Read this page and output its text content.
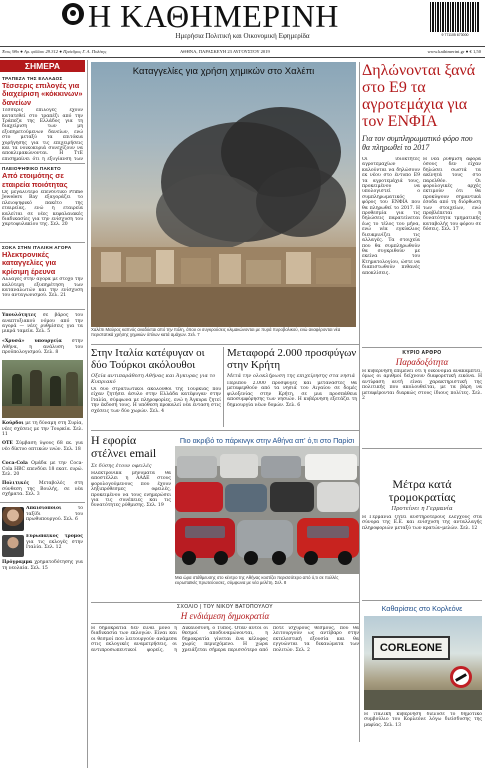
Η ΚΑΘΗΜΕΡΙΝΗ
Ημερήσια Πολιτική και Οικονομική Εφημερίδα	9 771105 673000
Έτος 98ο ● Αρ. φύλλου 29.312 ● Πρόεδρος Γ. Α. Πολίτης	ΑΘΗΝΑ, ΠΑΡΑΣΚΕΥΗ 23 ΑΥΓΟΥΣΤΟΥ 2019	www.kathimerini.gr ● € 1,50
ΣΗΜΕΡΑ
ΤΡΑΠΕΖΑ ΤΗΣ ΕΛΛΑΔΟΣ
Τέσσερις επιλογές για διαχείριση «κόκκινων» δανείων
Τέσσερις επιλογές έχουν κατατεθεί στο τραπέζι από την Τράπεζα της Ελλάδος για τη διαχείριση των μη εξυπηρετούμενων δανείων, ενώ στο μεταξύ τα επιτόκια χορήγησης για τις επιχειρήσεις και τα νοικοκυριά συνεχίζουν να αποκλιμακώνονται. Η ΤτΕ επισημαίνει ότι η εξυγίανση των
ΠΛΕΙΟΨΗΦΙΚΟ ΠΑΚΕΤΟ
Από ετοιμότης σε εταιρεία ποιότητας
Ως μεγαλύτερο επενδυτικό Prime Jewelers Bay εξαγοράζει το πλειοψηφικό πακέτο της εταιρείας, ενώ η εταιρεία καλείται σε νέες κεφαλαιακές διαδικασίες για την ενίσχυση του χαρτοφυλακίου της. Σελ. 20
ΣΟΚΑ ΣΤΗΝ ΙΤΑΛΙΚΗ ΑΓΟΡΑ
Ηλεκτρονικές καταγγελίες για κρίσιμη έρευνα
Αλλαγές στην αγορά με στόχο την καλύτερη εξυπηρέτηση των καταναλωτών και την ενίσχυση του ανταγωνισμού. Σελ. 21
Υπουλότητες σε βάρος του αναπτυξιακού νόμου από την αγορά — νέες ρυθμίσεις για τα μικρά ταμεία. Σελ. 5
«Χρυσά» υπουργεία στην Αθήνα, η ανάλυση του προϋπολογισμού. Σελ. 8
Κούρδοι με τη δύναμη στη Συρία, νέες σχέσεις με την Τουρκία. Σελ. 11
ΟΤΕ Σύμβαση ύψους 68 εκ. για νέο δίκτυο οπτικών ινών. Σελ. 18
Coca-Cola Ομάδα με την Coca-Cola HBC επενδύει 18 εκατ. ευρώ. Σελ. 20
Πολιτικές Μεταβολές στη σύνθεση της Βουλής, σε νέα σχήματα. Σελ. 3
Απαισιόποιοι	το ταξίδι του πρωθυπουργού. Σελ. 6
Ευρωπαϊκός τρόμος για τις εκλογές στην Ιταλία. Σελ. 12
Πρόγραμμα χρηματοδότησης για τη νεολαία. Σελ. 15
Καταγγελίες για χρήση χημικών στο Χαλέπι
Χαλέπι Μαύρος καπνός αναδύεται από την πόλη, όπου οι συγκρούσεις κλιμακώνονται με πυρά πυροβολικού, ενώ αναφέρονται νέα περιστατικά χρήσης χημικών όπλων κατά αμάχων. Σελ. 7
Δηλώνονται ξανά στο Ε9 τα αγροτεμάχια για τον ΕΝΦΙΑ
Για τον συμπληρωματικό φόρο που θα πληρωθεί το 2017
Οι ιδιοκτήτες αγροτεμαχίων καλούνται να δηλώσουν εκ νέου στο έντυπο Ε9 τα αγροτεμάχιά τους, προκειμένου να υπολογιστεί ο συμπληρωματικός φόρος του ΕΝΦΙΑ που θα πληρωθεί το 2017. Η προθεσμία για τις δηλώσεις παρατείνεται έως το τέλος του μήνα, ενώ νέα εγκύκλιος διευκρινίζει τις αλλαγές. Τα στοιχεία που θα συμπληρωθούν θα συγκριθούν με εκείνα του Κτηματολογίου, ώστε να διαπιστωθούν πιθανές αποκλίσεις.
Η νέα ρύθμιση αφορά όσους δεν είχαν δηλώσει σωστά τα ακίνητά τους στο παρελθόν. Οι φορολογικές αρχές εκτιμούν ότι θα προκύψουν σημαντικά έσοδα από τη διόρθωση των στοιχείων, ενώ προβλέπεται η δυνατότητα τμηματικής καταβολής του φόρου σε δόσεις. Σελ. 17
Στην Ιταλία κατέφυγαν οι δύο Τούρκοι ακόλουθοι
Οξεία αντιπαράθεση Αθήνας και Άγκυρας για το Κυπριακό
Οι δύο στρατιωτικοί ακόλουθοι της Τουρκίας που είχαν ζητήσει άσυλο στην Ελλάδα κατέφυγαν στην Ιταλία, σύμφωνα με πληροφορίες, ενώ η Άγκυρα ζητεί την έκδοσή τους. Η υπόθεση προκαλεί νέα ένταση στις σχέσεις των δύο χωρών. Σελ. 4
Μεταφορά 2.000 προσφύγων στην Κρήτη
Μετά την ολοκλήρωση της επιχείρησης στα νησιά
Περίπου 2.000 πρόσφυγες και μετανάστες θα μεταφερθούν από τα νησιά του Αιγαίου σε δομές φιλοξενίας στην Κρήτη, σε μια προσπάθεια αποσυμφόρησης των νησιών. Η κυβέρνηση εξετάζει τη δημιουργία νέων δομών. Σελ. 6
ΚΥΡΙΟ ΑΡΘΡΟ
Παραδοξότητα
Η κυβέρνηση επιμένει ότι η οικονομία ανακάμπτει, όμως οι αριθμοί δείχνουν διαφορετική εικόνα. Η αντίφαση αυτή είναι χαρακτηριστική της πολιτικής που ακολουθείται, με τα βάρη να μεταφέρονται διαρκώς στους ίδιους πολίτες. Σελ. 2
Η εφορία στέλνει email
Σε δύσης έτουν οφειλές
Ηλεκτρονικά μηνύματα θα αποστέλλει η ΑΑΔΕ στους φορολογούμενους που έχουν ληξιπρόθεσμες οφειλές, προκειμένου να τους ενημερώσει για τις συνέπειες και τις δυνατότητες ρύθμισης. Σελ. 19
Πιο ακριβό το πάρκινγκ στην Αθήνα απ' ό,τι στο Παρίσι
Μια ώρα στάθμευσης στο κέντρο της Αθήνας κοστίζει περισσότερο από ό,τι σε πολλές ευρωπαϊκές πρωτεύουσες, σύμφωνα με νέα μελέτη. Σελ. 8
Μέτρα κατά τρομοκρατίας
Προτείνει η Γερμανία
Η Γερμανία ζητεί αυστηρότερους ελέγχους στα σύνορα της Ε.Ε. και ενίσχυση της ανταλλαγής πληροφοριών μεταξύ των κρατών-μελών. Σελ. 12
ΣΧΟΛΙΟ | ΤΟΥ ΝΙΚΟΥ ΒΑΤΟΠΟΥΛΟΥ
Η ενδιάμεση δημοκρατία
Η δημοκρατία δεν είναι μόνο η διαδικασία των εκλογών. Είναι και οι θεσμοί που λειτουργούν ανάμεσα στις εκλογικές αναμετρήσεις, οι αντιπροσωπευτικοί φορείς, η Δικαιοσύνη, ο Τύπος. Όταν αυτοί οι θεσμοί αποδυναμώνονται, η δημοκρατία γίνεται ένα κέλυφος χωρίς περιεχόμενο. Η χώρα χρειάζεται σήμερα περισσότερο από ποτέ ισχυρούς θεσμούς, που θα λειτουργούν ως αντίβαρο στην εκτελεστική εξουσία και θα εγγυώνται τα δικαιώματα των πολιτών. Σελ. 2
Καθαρίσεις στο Κορλεόνε
CORLEONE
Η ιταλική κυβέρνηση διέλυσε το δημοτικό συμβούλιο του Κορλεόνε λόγω διείσδυσης της μαφίας. Σελ. 13
